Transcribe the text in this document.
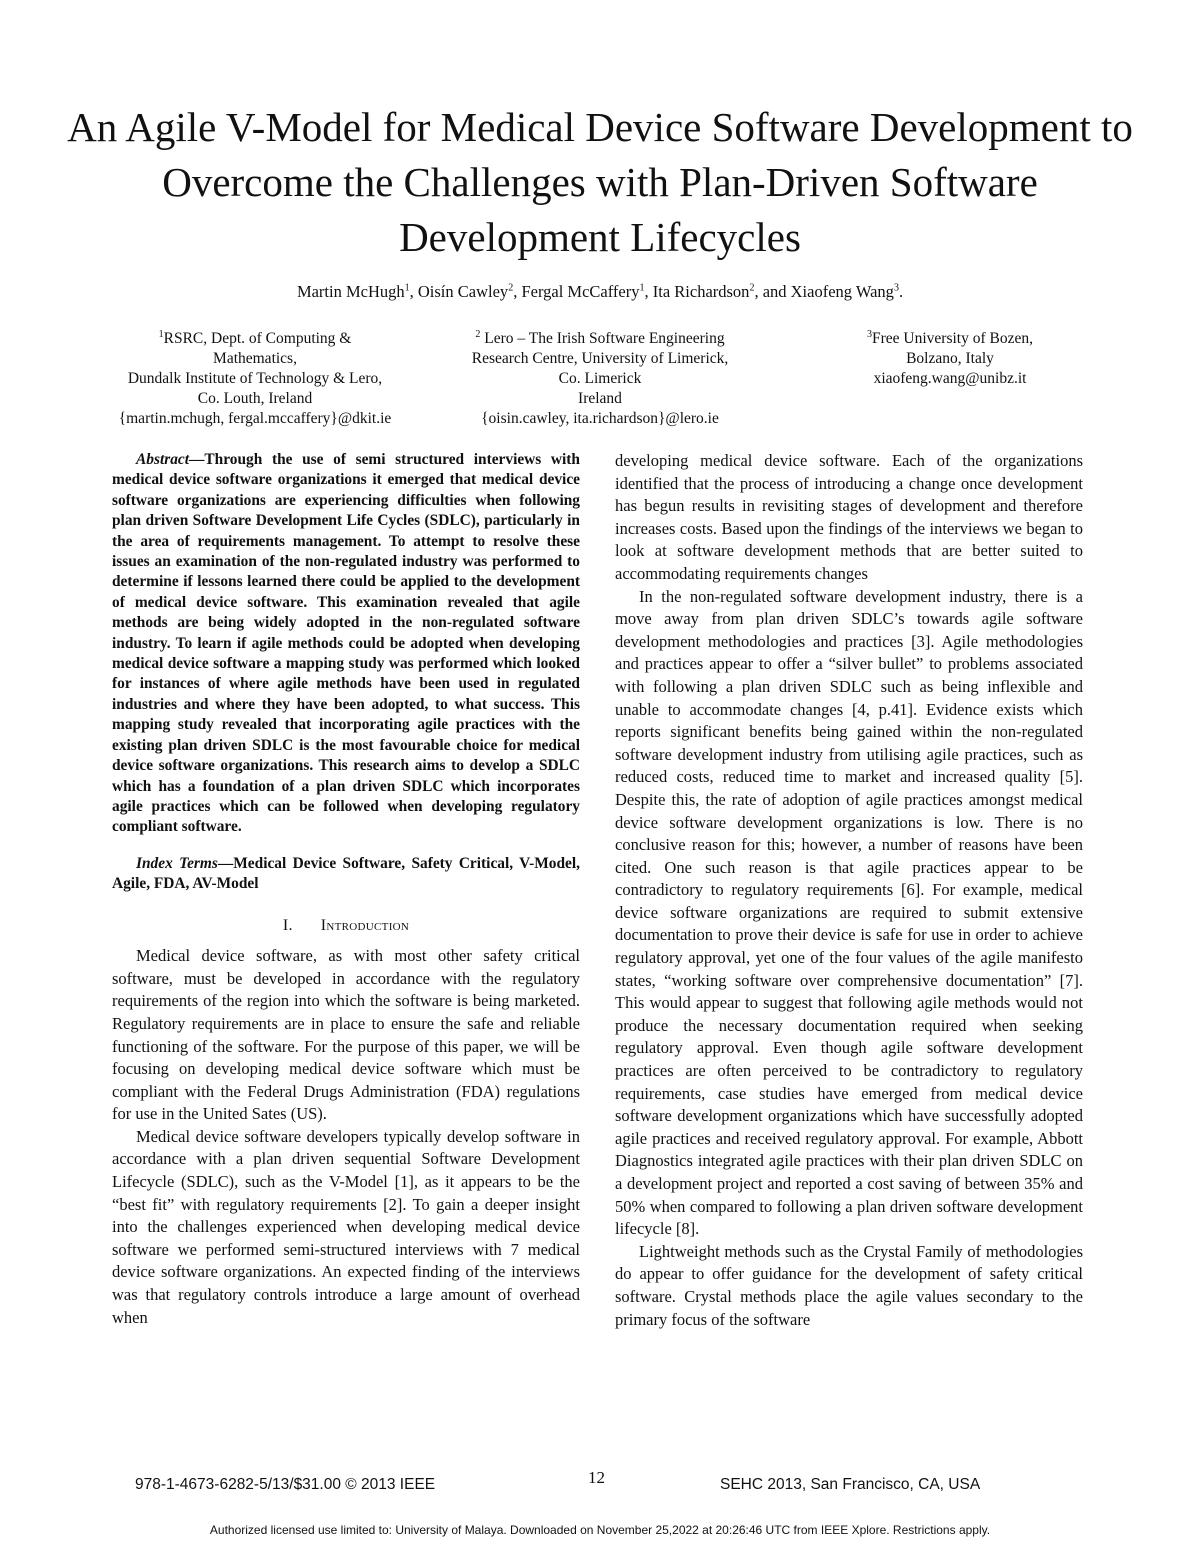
An Agile V-Model for Medical Device Software Development to Overcome the Challenges with Plan-Driven Software Development Lifecycles
Martin McHugh$^1$, Oisín Cawley$^2$, Fergal McCaffery$^1$, Ita Richardson$^2$, and Xiaofeng Wang$^3$.
$^1$RSRC, Dept. of Computing &
Mathematics,
Dundalk Institute of Technology & Lero,
Co. Louth, Ireland
{martin.mchugh, fergal.mccaffery}@dkit.ie
$^2$ Lero – The Irish Software Engineering
Research Centre, University of Limerick,
Co. Limerick
Ireland
{oisin.cawley, ita.richardson}@lero.ie
$^3$Free University of Bozen,
Bolzano, Italy
xiaofeng.wang@unibz.it

Abstract—Through the use of semi structured interviews with medical device software organizations it emerged that medical device software organizations are experiencing difficulties when following plan driven Software Development Life Cycles (SDLC), particularly in the area of requirements management. To attempt to resolve these issues an examination of the non-regulated industry was performed to determine if lessons learned there could be applied to the development of medical device software. This examination revealed that agile methods are being widely adopted in the non-regulated software industry. To learn if agile methods could be adopted when developing medical device software a mapping study was performed which looked for instances of where agile methods have been used in regulated industries and where they have been adopted, to what success. This mapping study revealed that incorporating agile practices with the existing plan driven SDLC is the most favourable choice for medical device software organizations. This research aims to develop a SDLC which has a foundation of a plan driven SDLC which incorporates agile practices which can be followed when developing regulatory compliant software.

Index Terms—Medical Device Software, Safety Critical, V-Model, Agile, FDA, AV-Model

I. Introduction

Medical device software, as with most other safety critical software, must be developed in accordance with the regulatory requirements of the region into which the software is being marketed. Regulatory requirements are in place to ensure the safe and reliable functioning of the software. For the purpose of this paper, we will be focusing on developing medical device software which must be compliant with the Federal Drugs Administration (FDA) regulations for use in the United Sates (US).

Medical device software developers typically develop software in accordance with a plan driven sequential Software Development Lifecycle (SDLC), such as the V-Model [1], as it appears to be the “best fit” with regulatory requirements [2]. To gain a deeper insight into the challenges experienced when developing medical device software we performed semi-structured interviews with 7 medical device software organizations. An expected finding of the interviews was that regulatory controls introduce a large amount of overhead when

developing medical device software. Each of the organizations identified that the process of introducing a change once development has begun results in revisiting stages of development and therefore increases costs. Based upon the findings of the interviews we began to look at software development methods that are better suited to accommodating requirements changes

In the non-regulated software development industry, there is a move away from plan driven SDLC’s towards agile software development methodologies and practices [3]. Agile methodologies and practices appear to offer a “silver bullet” to problems associated with following a plan driven SDLC such as being inflexible and unable to accommodate changes [4, p.41]. Evidence exists which reports significant benefits being gained within the non-regulated software development industry from utilising agile practices, such as reduced costs, reduced time to market and increased quality [5]. Despite this, the rate of adoption of agile practices amongst medical device software development organizations is low. There is no conclusive reason for this; however, a number of reasons have been cited. One such reason is that agile practices appear to be contradictory to regulatory requirements [6]. For example, medical device software organizations are required to submit extensive documentation to prove their device is safe for use in order to achieve regulatory approval, yet one of the four values of the agile manifesto states, “working software over comprehensive documentation” [7]. This would appear to suggest that following agile methods would not produce the necessary documentation required when seeking regulatory approval. Even though agile software development practices are often perceived to be contradictory to regulatory requirements, case studies have emerged from medical device software development organizations which have successfully adopted agile practices and received regulatory approval. For example, Abbott Diagnostics integrated agile practices with their plan driven SDLC on a development project and reported a cost saving of between 35% and 50% when compared to following a plan driven software development lifecycle [8].

Lightweight methods such as the Crystal Family of methodologies do appear to offer guidance for the development of safety critical software. Crystal methods place the agile values secondary to the primary focus of the software

978-1-4673-6282-5/13/$31.00 © 2013 IEEE	12	SEHC 2013, San Francisco, CA, USA
Authorized licensed use limited to: University of Malaya. Downloaded on November 25,2022 at 20:26:46 UTC from IEEE Xplore. Restrictions apply.
